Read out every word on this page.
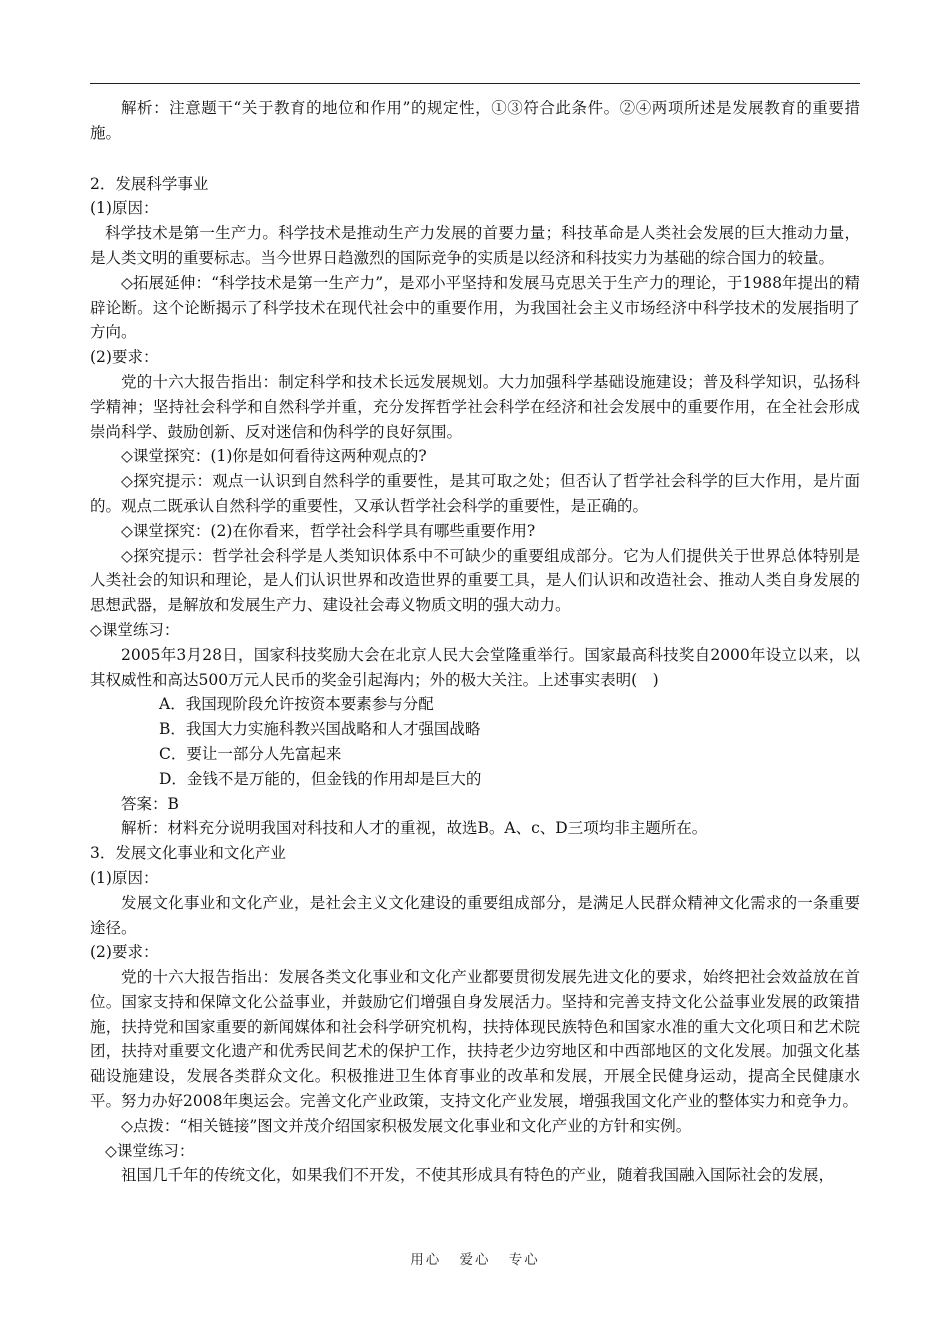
解析：注意题干“关于教育的地位和作用”的规定性，①③符合此条件。②④两项所述是发展教育的重要措施。

2．发展科学事业

(1)原因：

科学技术是第一生产力。科学技术是推动生产力发展的首要力量；科技革命是人类社会发展的巨大推动力量，是人类文明的重要标志。当今世界日趋激烈的国际竞争的实质是以经济和科技实力为基础的综合国力的较量。

◇拓展延伸：“科学技术是第一生产力”，是邓小平坚持和发展马克思关于生产力的理论，于1988年提出的精辟论断。这个论断揭示了科学技术在现代社会中的重要作用，为我国社会主义市场经济中科学技术的发展指明了方向。

(2)要求：

党的十六大报告指出：制定科学和技术长远发展规划。大力加强科学基础设施建设；普及科学知识，弘扬科学精神；坚持社会科学和自然科学并重，充分发挥哲学社会科学在经济和社会发展中的重要作用，在全社会形成崇尚科学、鼓励创新、反对迷信和伪科学的良好氛围。

◇课堂探究：(1)你是如何看待这两种观点的?

◇探究提示：观点一认识到自然科学的重要性，是其可取之处；但否认了哲学社会科学的巨大作用，是片面的。观点二既承认自然科学的重要性，又承认哲学社会科学的重要性，是正确的。

◇课堂探究：(2)在你看来，哲学社会科学具有哪些重要作用?

◇探究提示：哲学社会科学是人类知识体系中不可缺少的重要组成部分。它为人们提供关于世界总体特别是人类社会的知识和理论，是人们认识世界和改造世界的重要工具，是人们认识和改造社会、推动人类自身发展的思想武器，是解放和发展生产力、建设社会毒义物质文明的强大动力。

◇课堂练习：

2005年3月28日，国家科技奖励大会在北京人民大会堂隆重举行。国家最高科技奖自2000年设立以来，以其权威性和高达500万元人民币的奖金引起海内；外的极大关注。上述事实表明(　)

A．我国现阶段允许按资本要素参与分配
B．我国大力实施科教兴国战略和人才强国战略
C．要让一部分人先富起来
D．金钱不是万能的，但金钱的作用却是巨大的

答案：B

解析：材料充分说明我国对科技和人才的重视，故选B。A、c、D三项均非主题所在。

3．发展文化事业和文化产业

(1)原因：

发展文化事业和文化产业，是社会主义文化建设的重要组成部分，是满足人民群众精神文化需求的一条重要途径。

(2)要求：

党的十六大报告指出：发展各类文化事业和文化产业都要贯彻发展先进文化的要求，始终把社会效益放在首位。国家支持和保障文化公益事业，并鼓励它们增强自身发展活力。坚持和完善支持文化公益事业发展的政策措施，扶持党和国家重要的新闻媒体和社会科学研究机构，扶持体现民族特色和国家水准的重大文化项日和艺术院团，扶持对重要文化遗产和优秀民间艺术的保护工作，扶持老少边穷地区和中西部地区的文化发展。加强文化基础设施建设，发展各类群众文化。积极推进卫生体育事业的改革和发展，开展全民健身运动，提高全民健康水平。努力办好2008年奥运会。完善文化产业政策，支持文化产业发展，增强我国文化产业的整体实力和竞争力。

◇点拨：“相关链接”图文并茂介绍国家积极发展文化事业和文化产业的方针和实例。

◇课堂练习：

祖国几千年的传统文化，如果我们不开发，不使其形成具有特色的产业，随着我国融入国际社会的发展，

用心 爱心 专心
